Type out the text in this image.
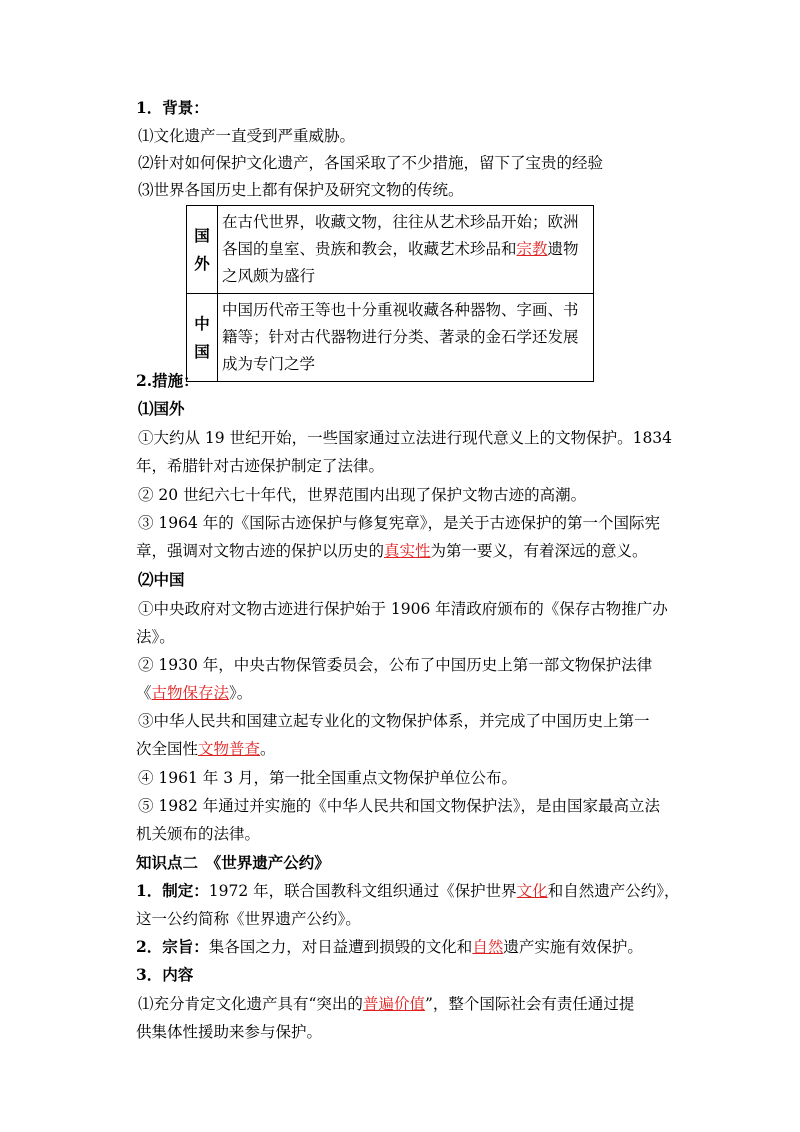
1．背景：
⑴文化遗产一直受到严重威胁。
⑵针对如何保护文化遗产，各国采取了不少措施，留下了宝贵的经验
⑶世界各国历史上都有保护及研究文物的传统。
国
外	在古代世界，收藏文物，往往从艺术珍品开始；欧洲各国的皇室、贵族和教会，收藏艺术珍品和宗教遗物之风颇为盛行

中
国	中国历代帝王等也十分重视收藏各种器物、字画、书籍等；针对古代器物进行分类、著录的金石学还发展成为专门之学
2.措施：
⑴国外
①大约从 19 世纪开始，一些国家通过立法进行现代意义上的文物保护。1834
年，希腊针对古迹保护制定了法律。
② 20 世纪六七十年代，世界范围内出现了保护文物古迹的高潮。
③ 1964 年的《国际古迹保护与修复宪章》，是关于古迹保护的第一个国际宪
章，强调对文物古迹的保护以历史的真实性为第一要义，有着深远的意义。
⑵中国
①中央政府对文物古迹进行保护始于 1906 年清政府颁布的《保存古物推广办
法》。
② 1930 年，中央古物保管委员会，公布了中国历史上第一部文物保护法律
《古物保存法》。
③中华人民共和国建立起专业化的文物保护体系，并完成了中国历史上第一
次全国性文物普查。
④ 1961 年 3 月，第一批全国重点文物保护单位公布。
⑤ 1982 年通过并实施的《中华人民共和国文物保护法》，是由国家最高立法
机关颁布的法律。
知识点二　《世界遗产公约》
1．制定：1972 年，联合国教科文组织通过《保护世界文化和自然遗产公约》，
这一公约简称《世界遗产公约》。
2．宗旨：集各国之力，对日益遭到损毁的文化和自然遗产实施有效保护。
3．内容
⑴充分肯定文化遗产具有“突出的普遍价值”，整个国际社会有责任通过提
供集体性援助来参与保护。
